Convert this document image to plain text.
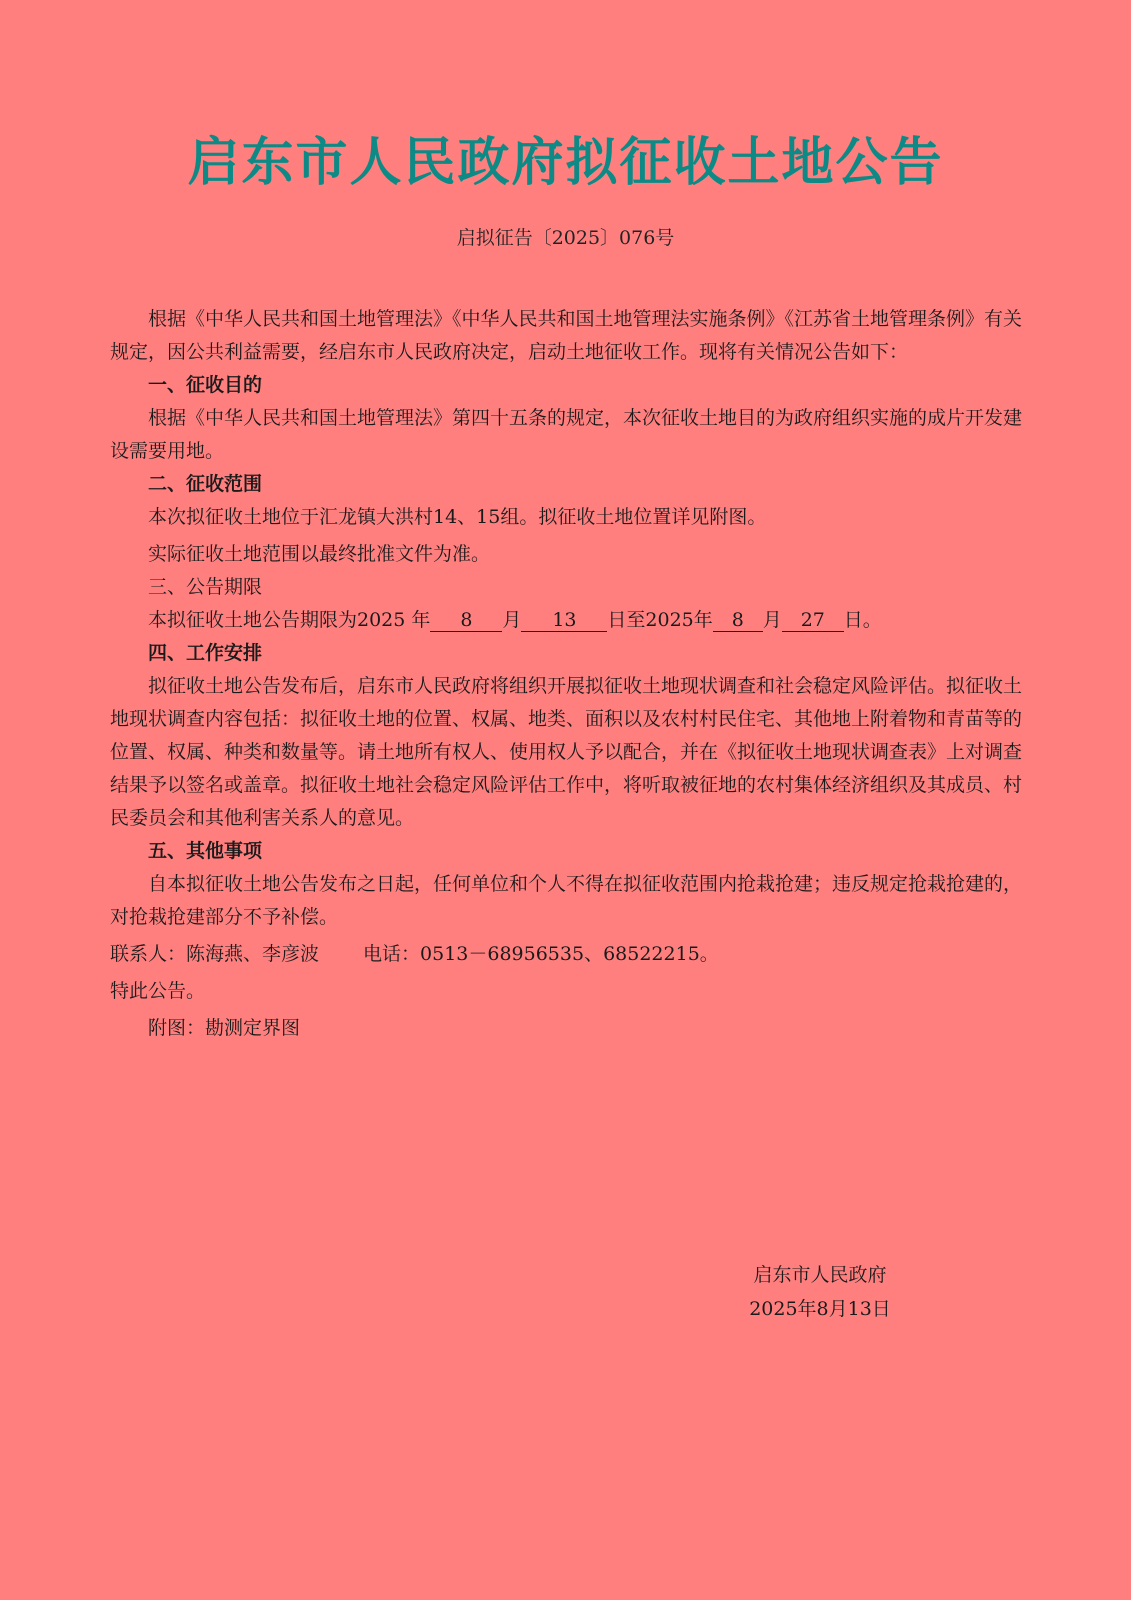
启东市人民政府拟征收土地公告
启拟征告〔2025〕076号

根据《中华人民共和国土地管理法》《中华人民共和国土地管理法实施条例》《江苏省土地管理条例》有关规定，因公共利益需要，经启东市人民政府决定，启动土地征收工作。现将有关情况公告如下：

一、征收目的

根据《中华人民共和国土地管理法》第四十五条的规定，本次征收土地目的为政府组织实施的成片开发建设需要用地。

二、征收范围

本次拟征收土地位于汇龙镇大洪村14、15组。拟征收土地位置详见附图。

实际征收土地范围以最终批准文件为准。

三、公告期限

本拟征收土地公告期限为2025 年 8 月 13 日至2025年 8 月 27 日。

四、工作安排

拟征收土地公告发布后，启东市人民政府将组织开展拟征收土地现状调查和社会稳定风险评估。拟征收土地现状调查内容包括：拟征收土地的位置、权属、地类、面积以及农村村民住宅、其他地上附着物和青苗等的位置、权属、种类和数量等。请土地所有权人、使用权人予以配合，并在《拟征收土地现状调查表》上对调查结果予以签名或盖章。拟征收土地社会稳定风险评估工作中，将听取被征地的农村集体经济组织及其成员、村民委员会和其他利害关系人的意见。

五、其他事项

自本拟征收土地公告发布之日起，任何单位和个人不得在拟征收范围内抢栽抢建；违反规定抢栽抢建的，对抢栽抢建部分不予补偿。

联系人：陈海燕、李彦波 电话：0513－68956535、68522215。

特此公告。

附图：勘测定界图

启东市人民政府
2025年8月13日
